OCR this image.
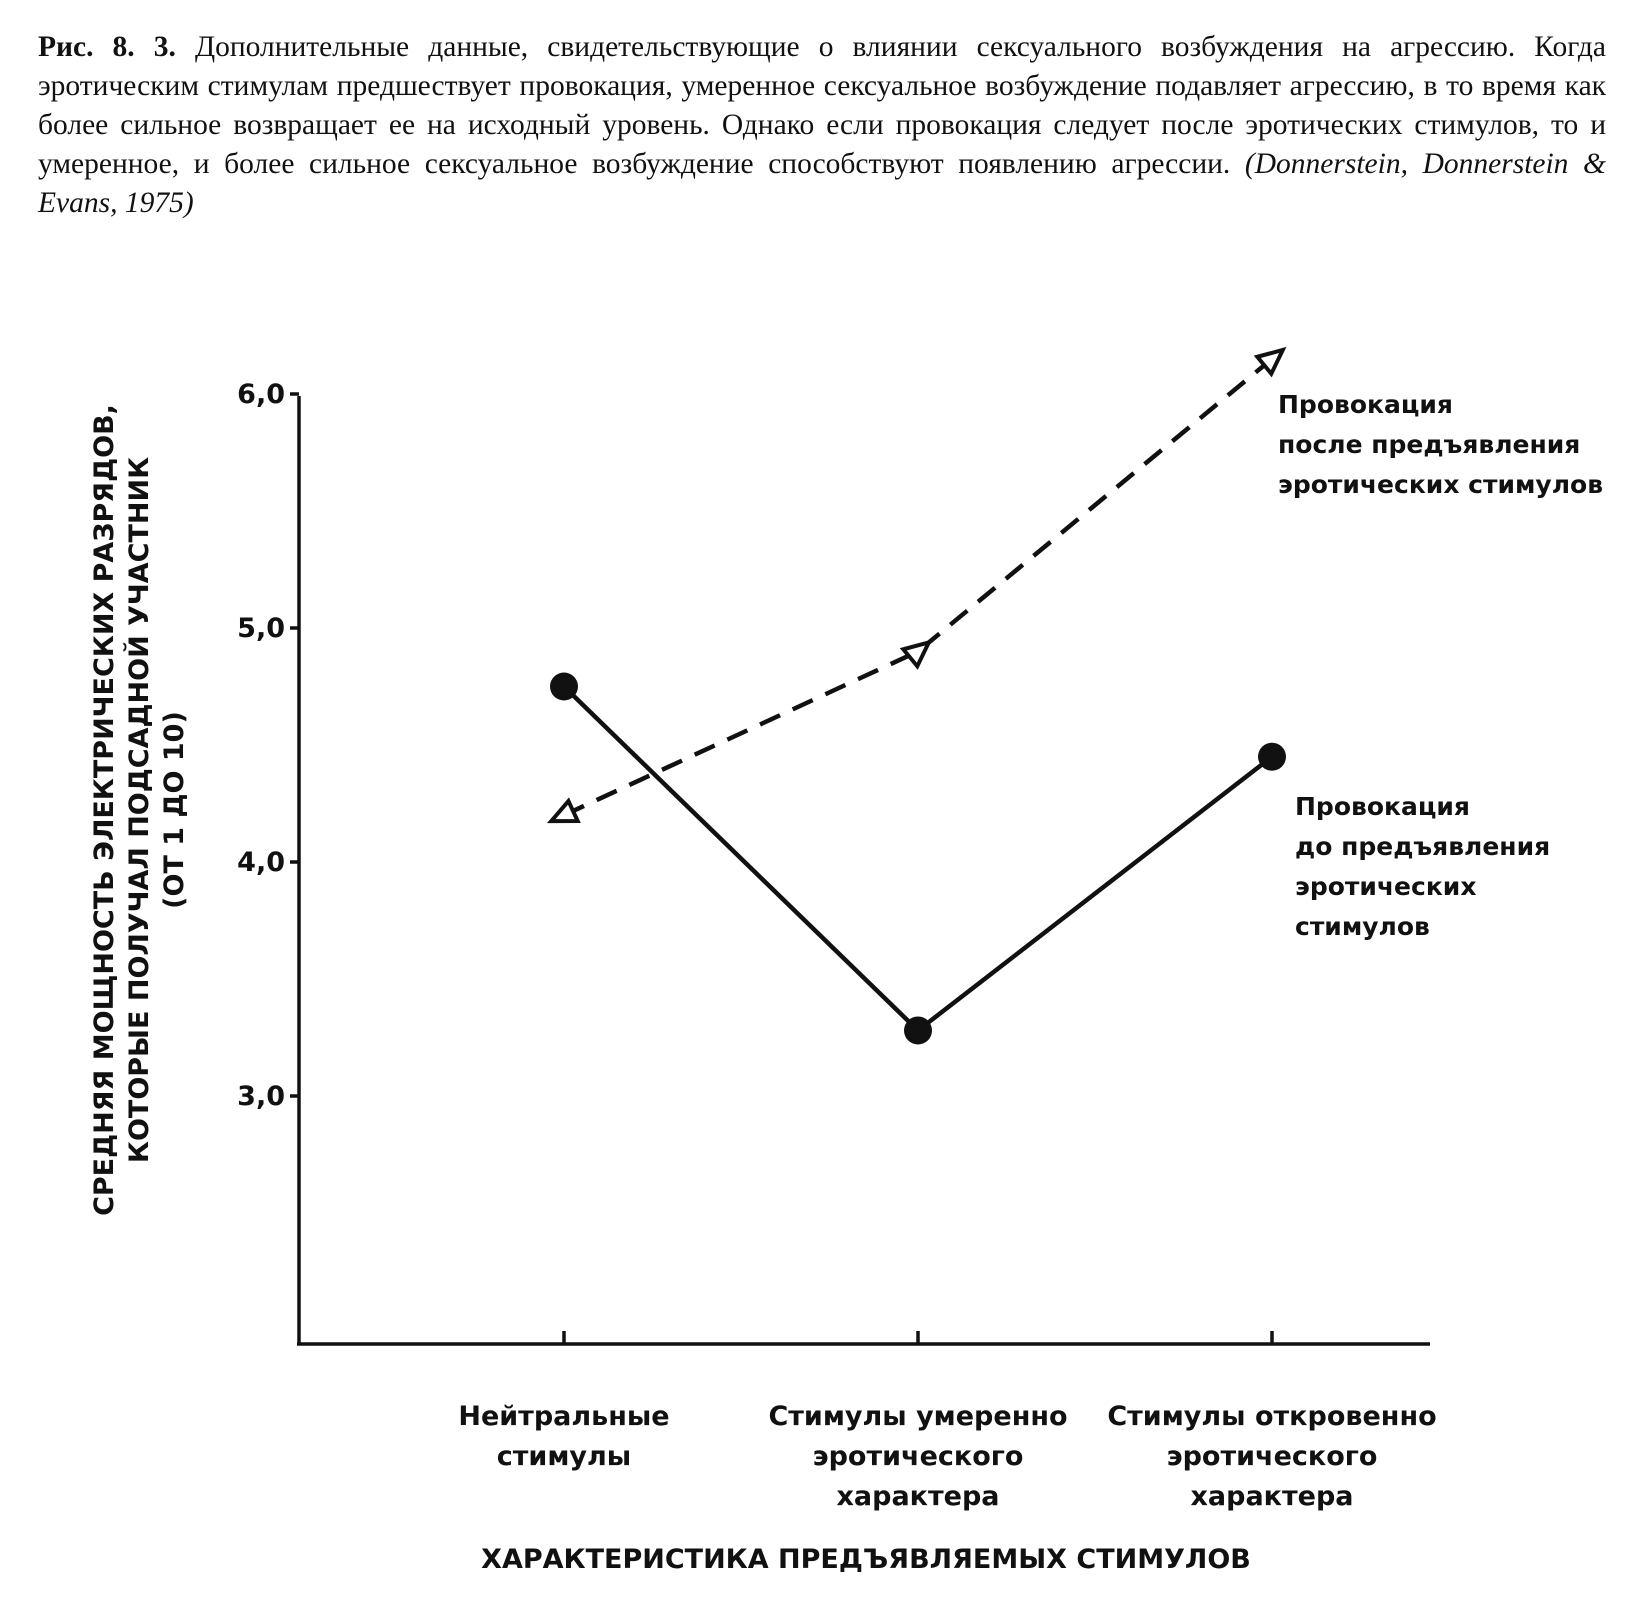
Рис. 8. 3. Дополнительные данные, свидетельствующие о влиянии сексуального возбуждения на агрессию. Когда эротическим стимулам предшествует провокация, умеренное сексуальное возбуждение подавляет агрессию, в то время как более сильное возвращает ее на исходный уровень. Однако если провокация следует после эротических стимулов, то и умеренное, и более сильное сексуальное возбуждение способствуют появлению агрессии. (Donnerstein, Donnerstein & Evans, 1975)
6,0
5,0
4,0
3,0
СРЕДНЯЯ МОЩНОСТЬ ЭЛЕКТРИЧЕСКИХ РАЗРЯДОВ, КОТОРЫЕ ПОЛУЧАЛ ПОДСАДНОЙ УЧАСТНИК (ОТ 1 ДО 10)
Провокация
после предъявления
эротических стимулов
Провокация
до предъявления
эротических
стимулов
Нейтральные
стимулы
Стимулы умеренно
эротического
характера
Стимулы откровенно
эротического
характера
ХАРАКТЕРИСТИКА ПРЕДЪЯВЛЯЕМЫХ СТИМУЛОВ
